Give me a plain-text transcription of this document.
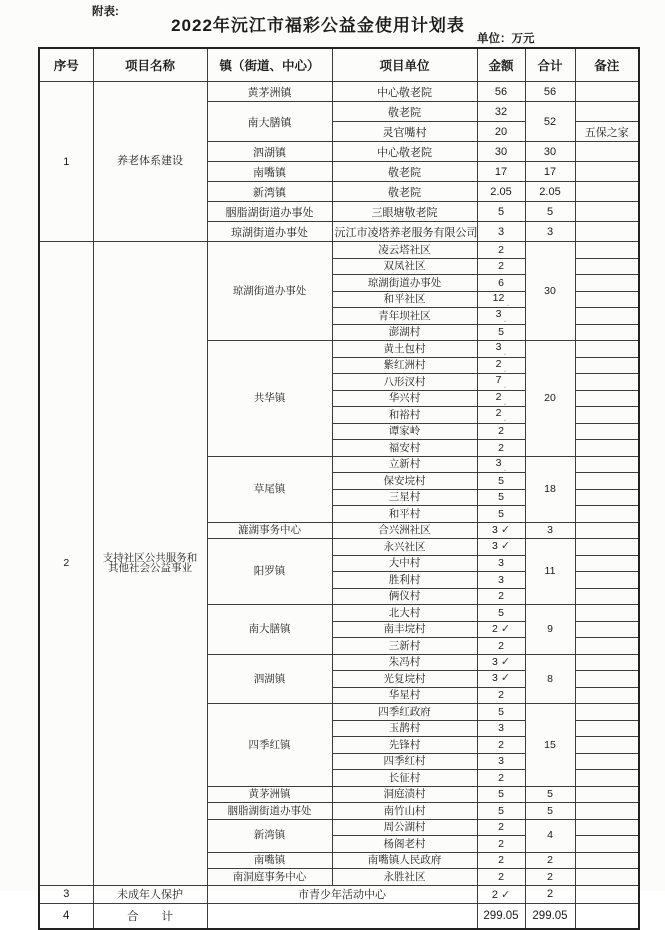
附表:
2022年沅江市福彩公益金使用计划表
单位：万元
序号	项目名称	镇（街道、中心）	项目单位	金额	合计	备注
1	养老体系建设	黄茅洲镇	中心敬老院	56	56	
		南大膳镇	敬老院	32	52	
			灵官嘴村	20		五保之家
		泗湖镇	中心敬老院	30	30	
		南嘴镇	敬老院	17	17	
		新湾镇	敬老院	2.05	2.05	
		胭脂湖街道办事处	三眼塘敬老院	5	5	
		琼湖街道办事处	沅江市凌塔养老服务有限公司	3	3	
2	支持社区公共服务和其他社会公益事业	琼湖街道办事处	凌云塔社区	2	30	
			双凤社区	2		
			琼湖街道办事处	6		
			和平社区	12 ˏ		
			青年坝社区	3 ˏ		
			澎湖村	5		
		共华镇	黄土包村	3 ˏ	20	
			紫红洲村	2 ˏ		
			八形汊村	7 ˏ		
			华兴村	2 ˏ		
			和裕村	2 ˏ		
			谭家岭	2		
			福安村	2		
		草尾镇	立新村	3 ˏ	18	
			保安垸村	5		
			三星村	5		
			和平村	5		
		漉湖事务中心	合兴洲社区	3 ✓	3	
		阳罗镇	永兴社区	3 ✓	11	
			大中村	3		
			胜利村	3		
			俩仪村	2		
		南大膳镇	北大村	5	9	
			南丰垸村	2 ✓		
			三新村	2		
		泗湖镇	朱冯村	3 ✓	8	
			光复垸村	3 ✓		
			华星村	2		
		四季红镇	四季红政府	5	15	
			玉鹊村	3		
			先锋村	2		
			四季红村	3		
			长征村	2		
		黄茅洲镇	洞庭渍村	5	5	
		胭脂湖街道办事处	南竹山村	5	5	
		新湾镇	周公湖村	2	4	
			杨阁老村	2		
		南嘴镇	南嘴镇人民政府	2	2	
		南洞庭事务中心	永胜社区	2	2	
3	未成年人保护	市青少年活动中心		2 ✓	2	
4	合　　计			299.05	299.05	
